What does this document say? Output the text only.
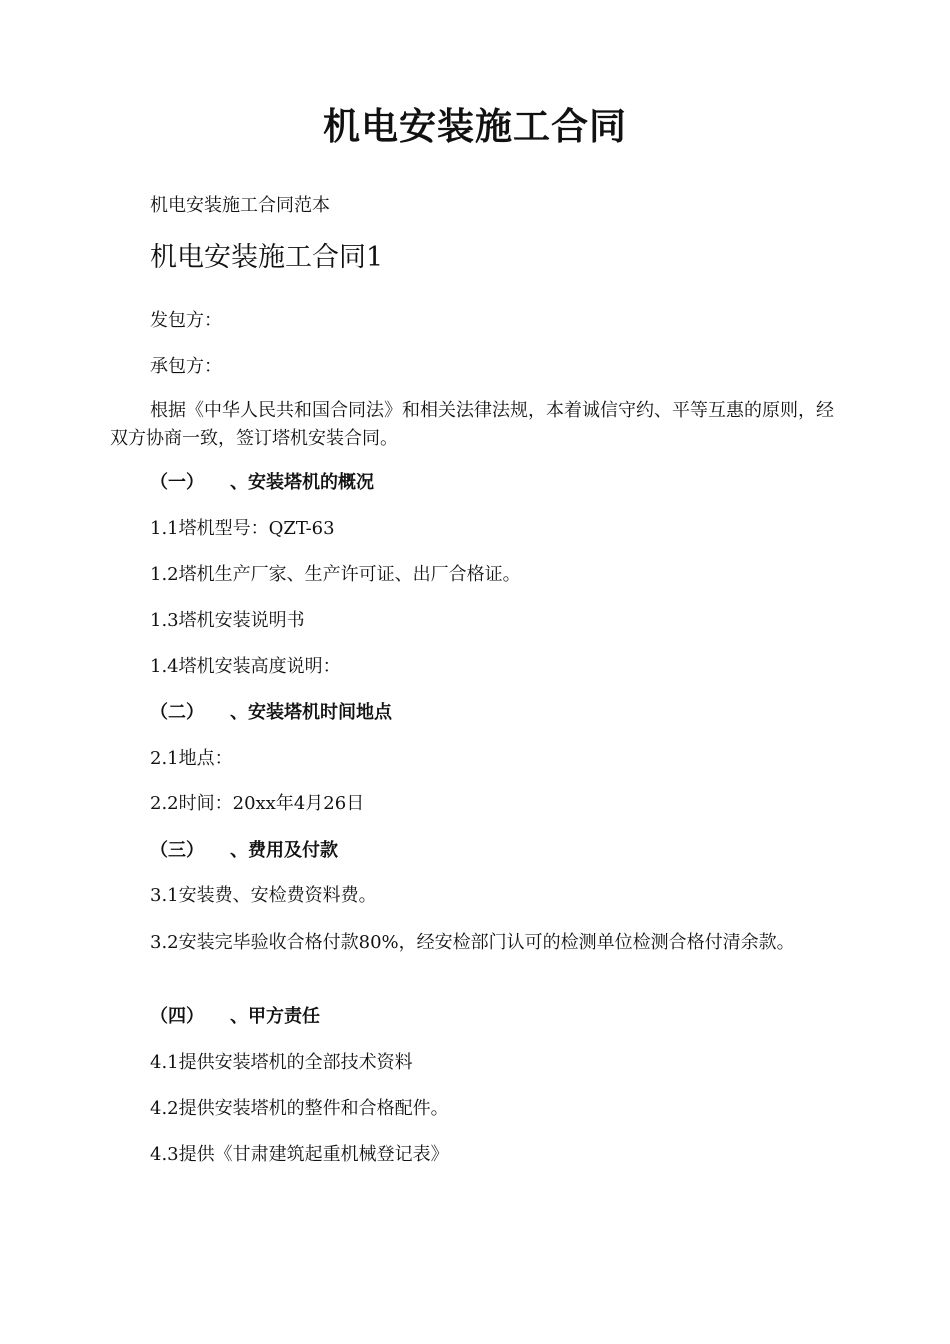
机电安装施工合同
机电安装施工合同范本
机电安装施工合同1
发包方：
承包方：
根据《中华人民共和国合同法》和相关法律法规，本着诚信守约、平等互惠的原则，经双方协商一致，签订塔机安装合同。
（一） 、安装塔机的概况
1.1塔机型号：QZT-63
1.2塔机生产厂家、生产许可证、出厂合格证。
1.3塔机安装说明书
1.4塔机安装高度说明：
（二） 、安装塔机时间地点
2.1地点：
2.2时间：20xx年4月26日
（三） 、费用及付款
3.1安装费、安检费资料费。
3.2安装完毕验收合格付款80%，经安检部门认可的检测单位检测合格付清余款。
（四） 、甲方责任
4.1提供安装塔机的全部技术资料
4.2提供安装塔机的整件和合格配件。
4.3提供《甘肃建筑起重机械登记表》
